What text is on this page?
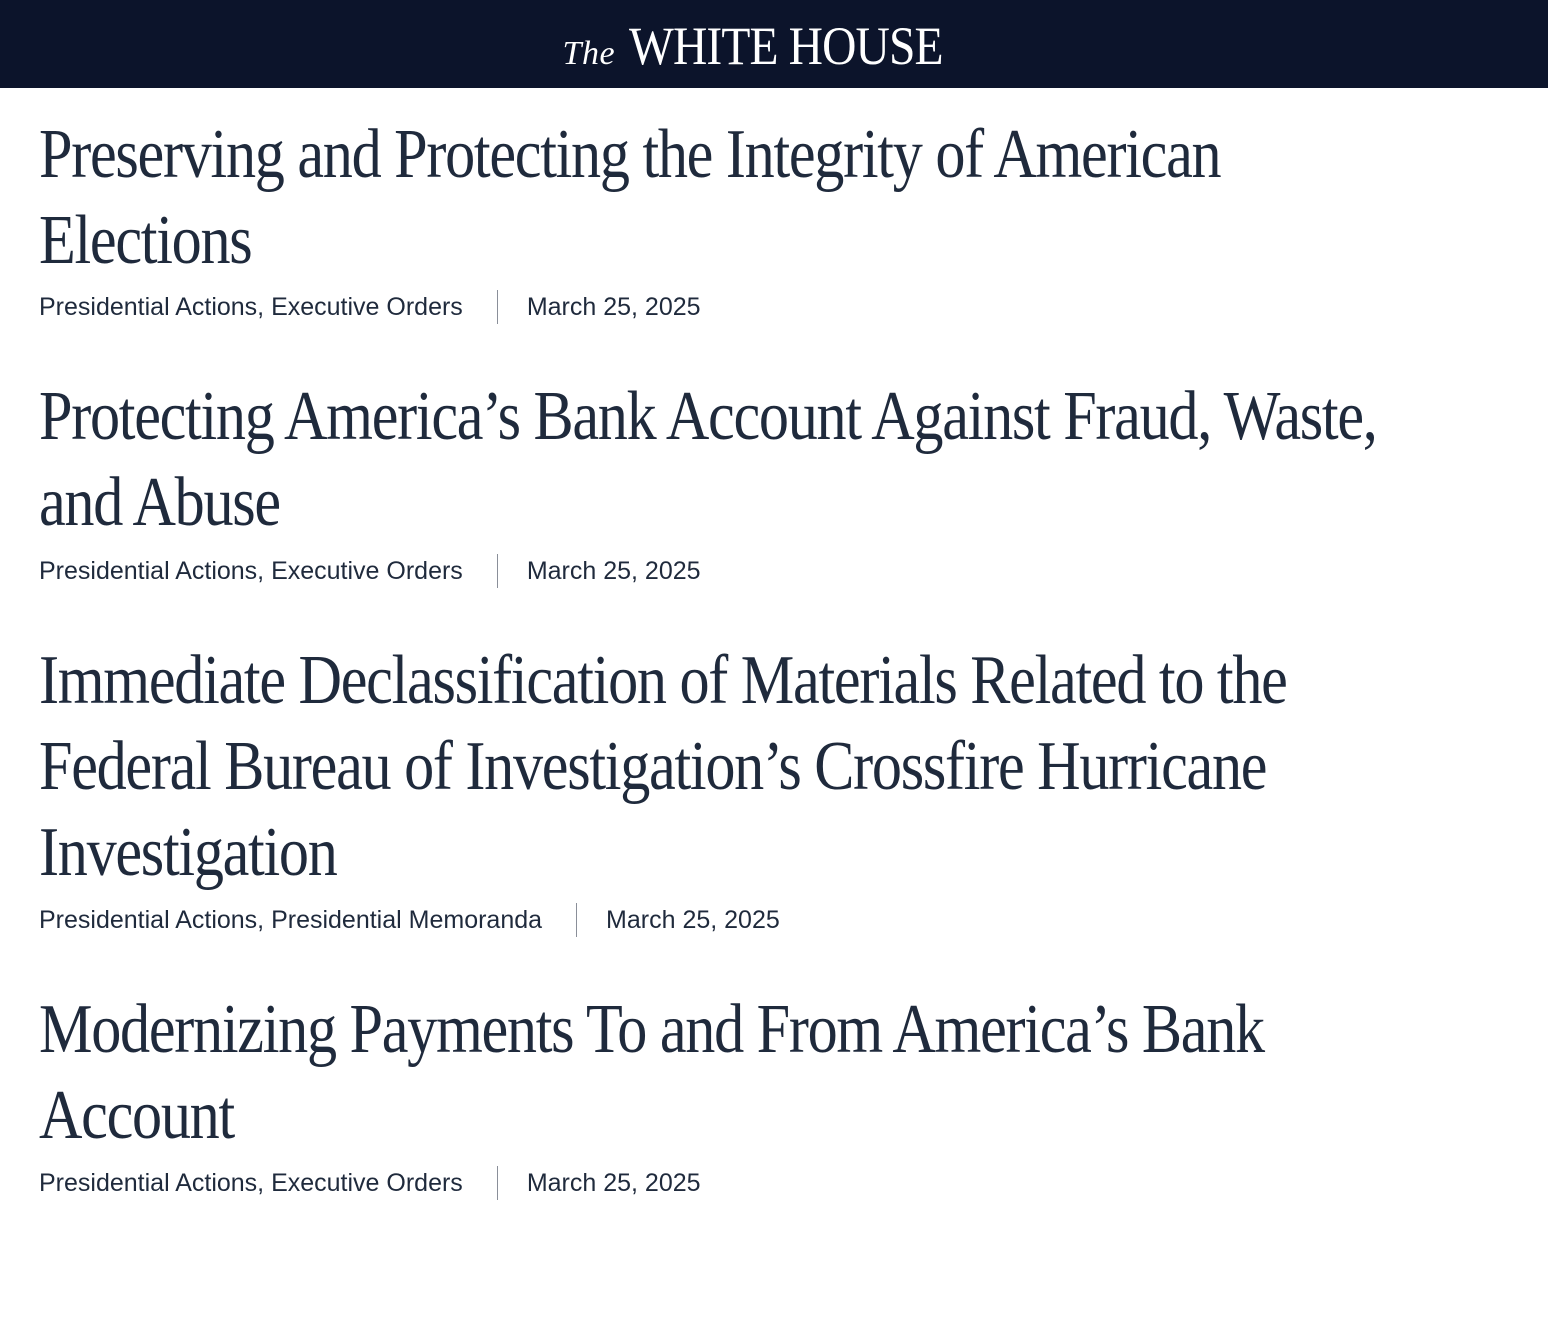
The WHITE HOUSE
Preserving and Protecting the Integrity of American
Elections
Presidential Actions, Executive Orders	March 25, 2025
Protecting America’s Bank Account Against Fraud, Waste,
and Abuse
Presidential Actions, Executive Orders	March 25, 2025
Immediate Declassification of Materials Related to the
Federal Bureau of Investigation’s Crossfire Hurricane
Investigation
Presidential Actions, Presidential Memoranda	March 25, 2025
Modernizing Payments To and From America’s Bank
Account
Presidential Actions, Executive Orders	March 25, 2025
